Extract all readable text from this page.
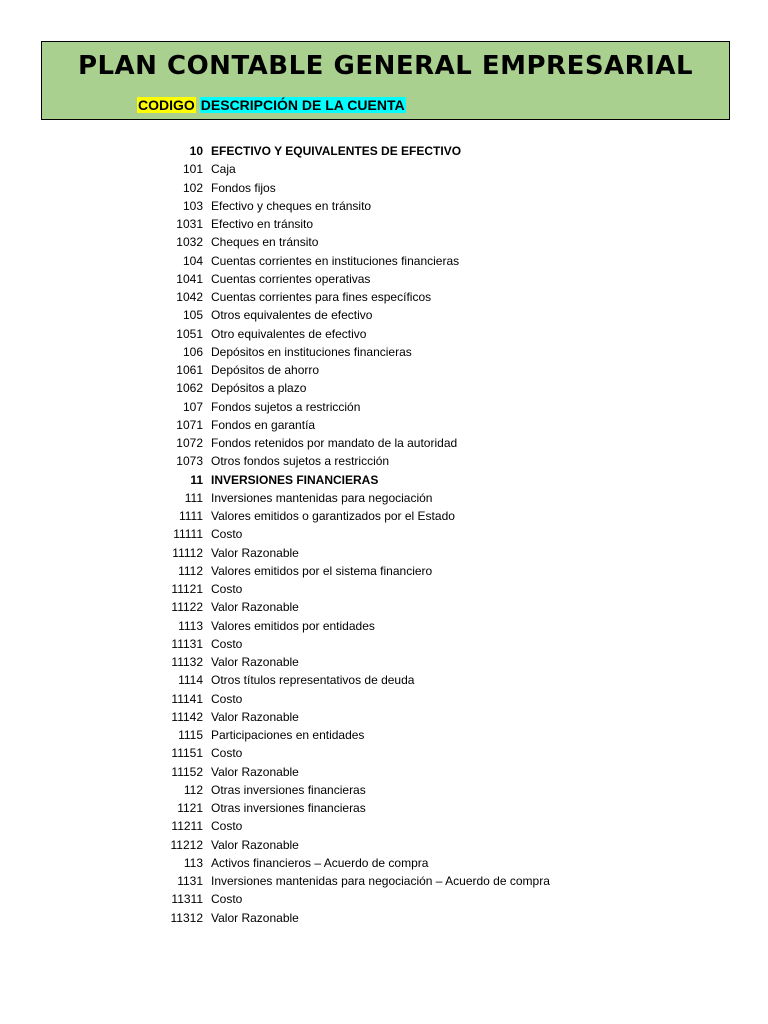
PLAN CONTABLE GENERAL EMPRESARIAL
CODIGO DESCRIPCIÓN DE LA CUENTA
10 EFECTIVO Y EQUIVALENTES DE EFECTIVO
101 Caja
102 Fondos fijos
103 Efectivo y cheques en tránsito
1031 Efectivo en tránsito
1032 Cheques en tránsito
104 Cuentas corrientes en instituciones financieras
1041 Cuentas corrientes operativas
1042 Cuentas corrientes para fines específicos
105 Otros equivalentes de efectivo
1051 Otro equivalentes de efectivo
106 Depósitos en instituciones financieras
1061 Depósitos de ahorro
1062 Depósitos a plazo
107 Fondos sujetos a restricción
1071 Fondos en garantía
1072 Fondos retenidos por mandato de la autoridad
1073 Otros fondos sujetos a restricción
11 INVERSIONES FINANCIERAS
111 Inversiones mantenidas para negociación
1111 Valores emitidos o garantizados por el Estado
11111 Costo
11112 Valor Razonable
1112 Valores emitidos por el sistema financiero
11121 Costo
11122 Valor Razonable
1113 Valores emitidos por entidades
11131 Costo
11132 Valor Razonable
1114 Otros títulos representativos de deuda
11141 Costo
11142 Valor Razonable
1115 Participaciones en entidades
11151 Costo
11152 Valor Razonable
112 Otras inversiones financieras
1121 Otras inversiones financieras
11211 Costo
11212 Valor Razonable
113 Activos financieros – Acuerdo de compra
1131 Inversiones mantenidas para negociación – Acuerdo de compra
11311 Costo
11312 Valor Razonable
